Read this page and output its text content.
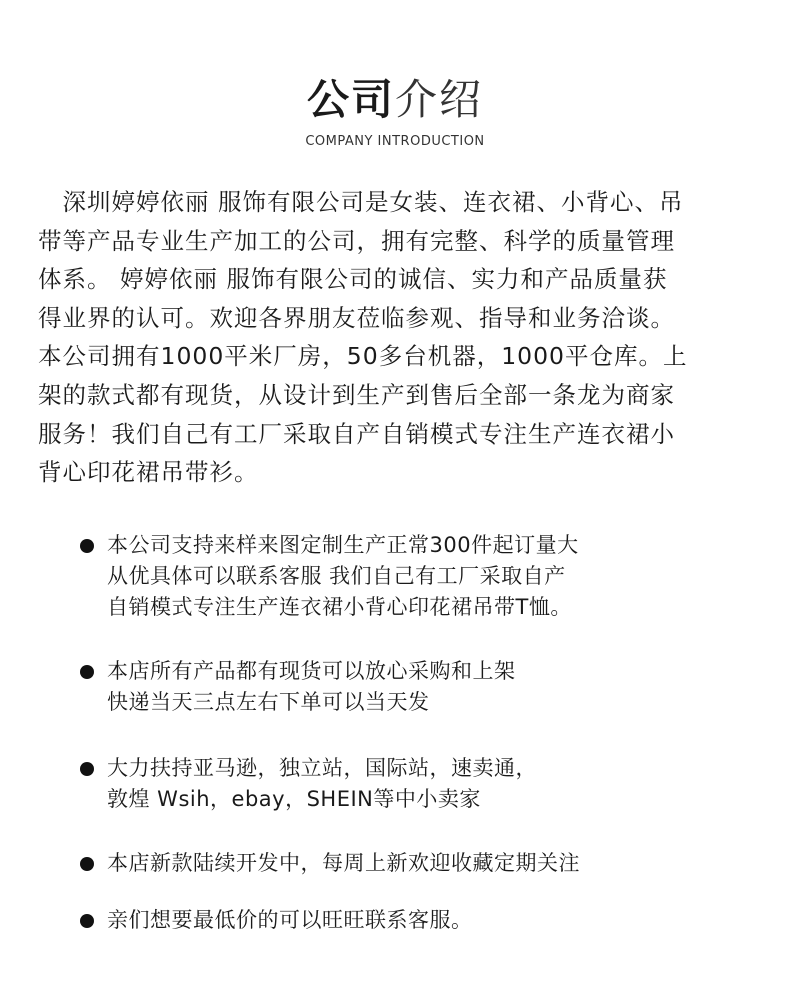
公司介绍
COMPANY INTRODUCTION

　深圳婷婷依丽 服饰有限公司是女装、连衣裙、小背心、吊
带等产品专业生产加工的公司，拥有完整、科学的质量管理
体系。 婷婷依丽 服饰有限公司的诚信、实力和产品质量获
得业界的认可。欢迎各界朋友莅临参观、指导和业务洽谈。
本公司拥有1000平米厂房，50多台机器，1000平仓库。上
架的款式都有现货，从设计到生产到售后全部一条龙为商家
服务！我们自己有工厂采取自产自销模式专注生产连衣裙小
背心印花裙吊带衫。

本公司支持来样来图定制生产正常300件起订量大
从优具体可以联系客服 我们自己有工厂采取自产
自销模式专注生产连衣裙小背心印花裙吊带T恤。
本店所有产品都有现货可以放心采购和上架
快递当天三点左右下单可以当天发
大力扶持亚马逊，独立站，国际站，速卖通，
敦煌 Wsih，ebay，SHEIN等中小卖家
本店新款陆续开发中，每周上新欢迎收藏定期关注
亲们想要最低价的可以旺旺联系客服。
